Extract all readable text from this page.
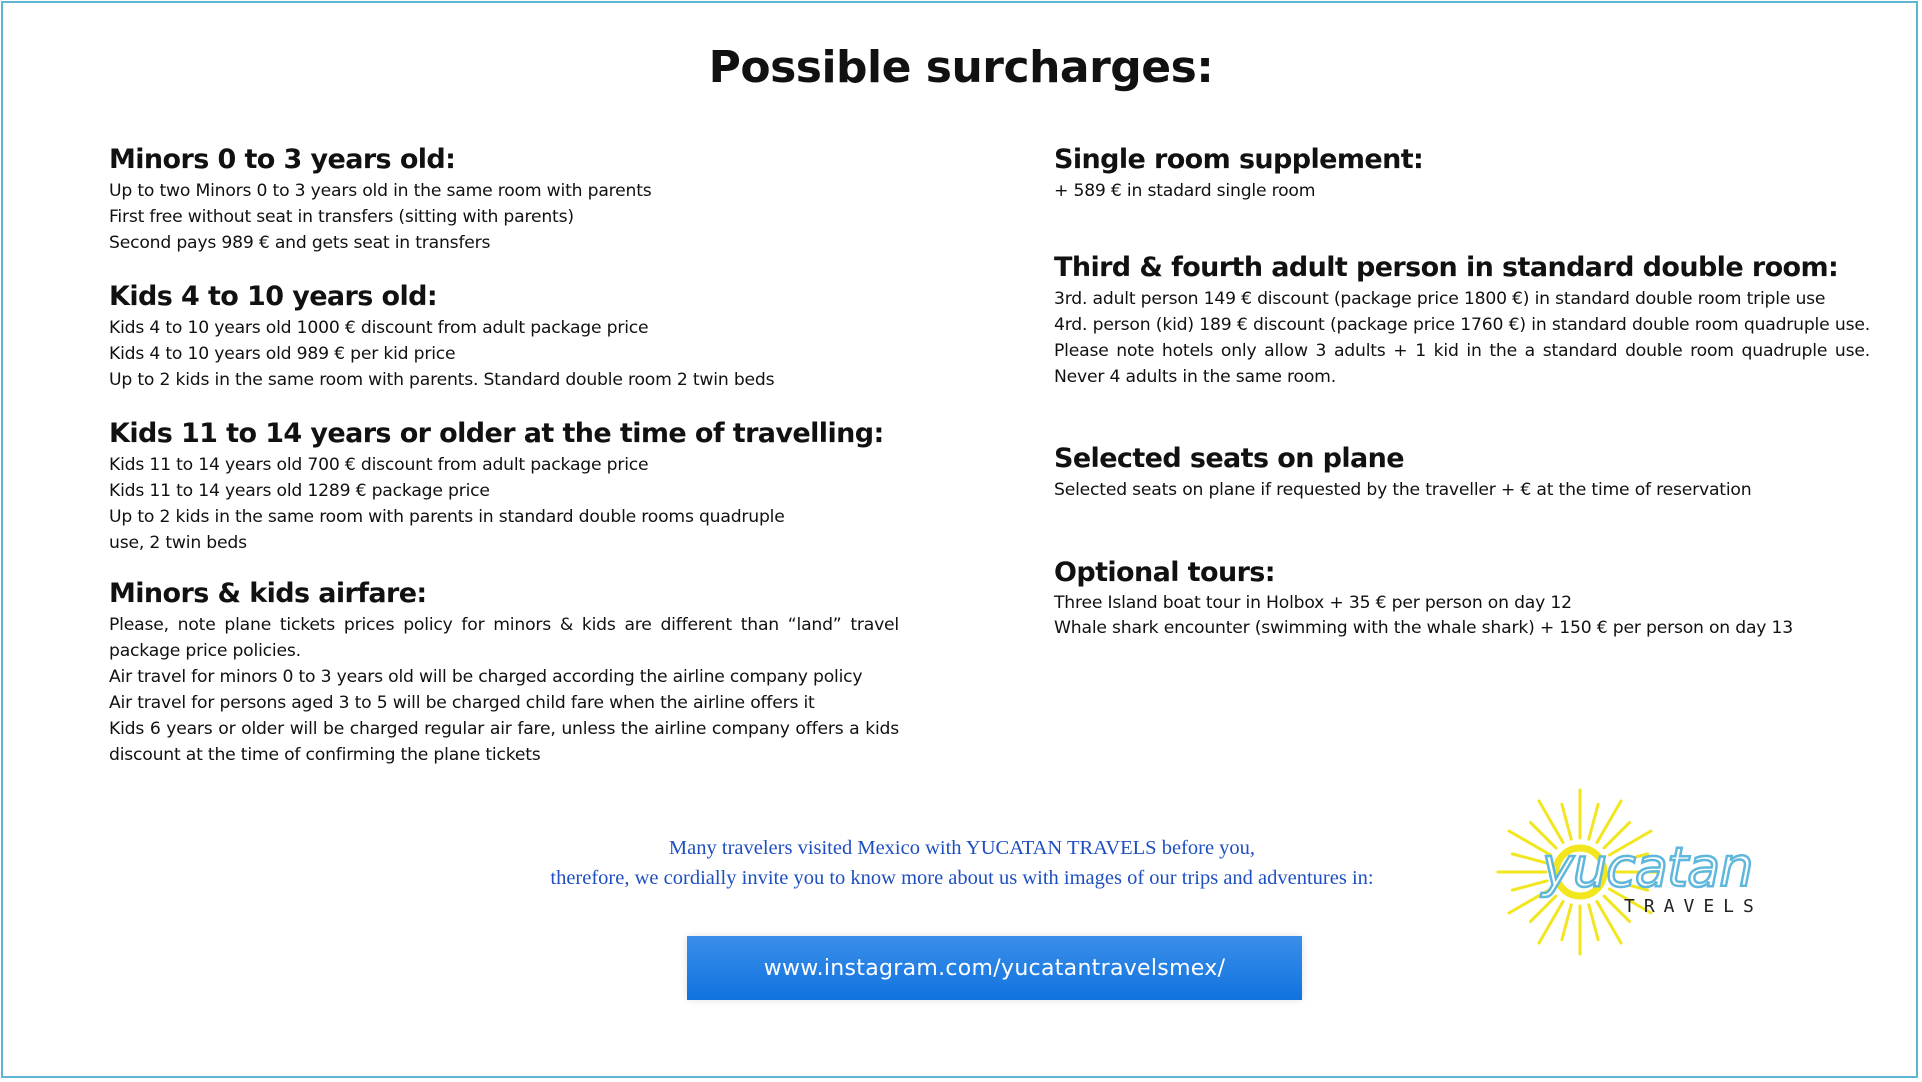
Possible surcharges:
Minors 0 to 3 years old:

Up to two Minors 0 to 3 years old in the same room with parents

First free without seat in transfers (sitting with parents)

Second pays 989 € and gets seat in transfers

Kids 4 to 10 years old:

Kids 4 to 10 years old 1000 € discount from adult package price

Kids 4 to 10 years old 989 € per kid price

Up to 2 kids in the same room with parents. Standard double room 2 twin beds

Kids 11 to 14 years or older at the time of travelling:

Kids 11 to 14 years old 700 € discount from adult package price

Kids 11 to 14 years old 1289 € package price

Up to 2 kids in the same room with parents in standard double rooms quadruple

use, 2 twin beds

Minors & kids airfare:

Please, note plane tickets prices policy for minors & kids are different than “land” travel package price policies.

Air travel for minors 0 to 3 years old will be charged according the airline company policy

Air travel for persons aged 3 to 5 will be charged child fare when the airline offers it

Kids 6 years or older will be charged regular air fare, unless the airline company offers a kids discount at the time of confirming the plane tickets

Single room supplement:

+ 589 € in stadard single room

Third & fourth adult person in standard double room:

3rd. adult person 149 € discount (package price 1800 €) in standard double room triple use

4rd. person (kid) 189 € discount (package price 1760 €) in standard double room quadruple use. Please note hotels only allow 3 adults + 1 kid in the a standard double room quadruple use. Never 4 adults in the same room.

Selected seats on plane

Selected seats on plane if requested by the traveller + € at the time of reservation

Optional tours:

Three Island boat tour in Holbox + 35 € per person on day 12

Whale shark encounter (swimming with the whale shark) + 150 € per person on day 13

Many travelers visited Mexico with YUCATAN TRAVELS before you,
therefore, we cordially invite you to know more about us with images of our trips and adventures in:
www.instagram.com/yucatantravelsmex/
yucatan
TRAVELS
